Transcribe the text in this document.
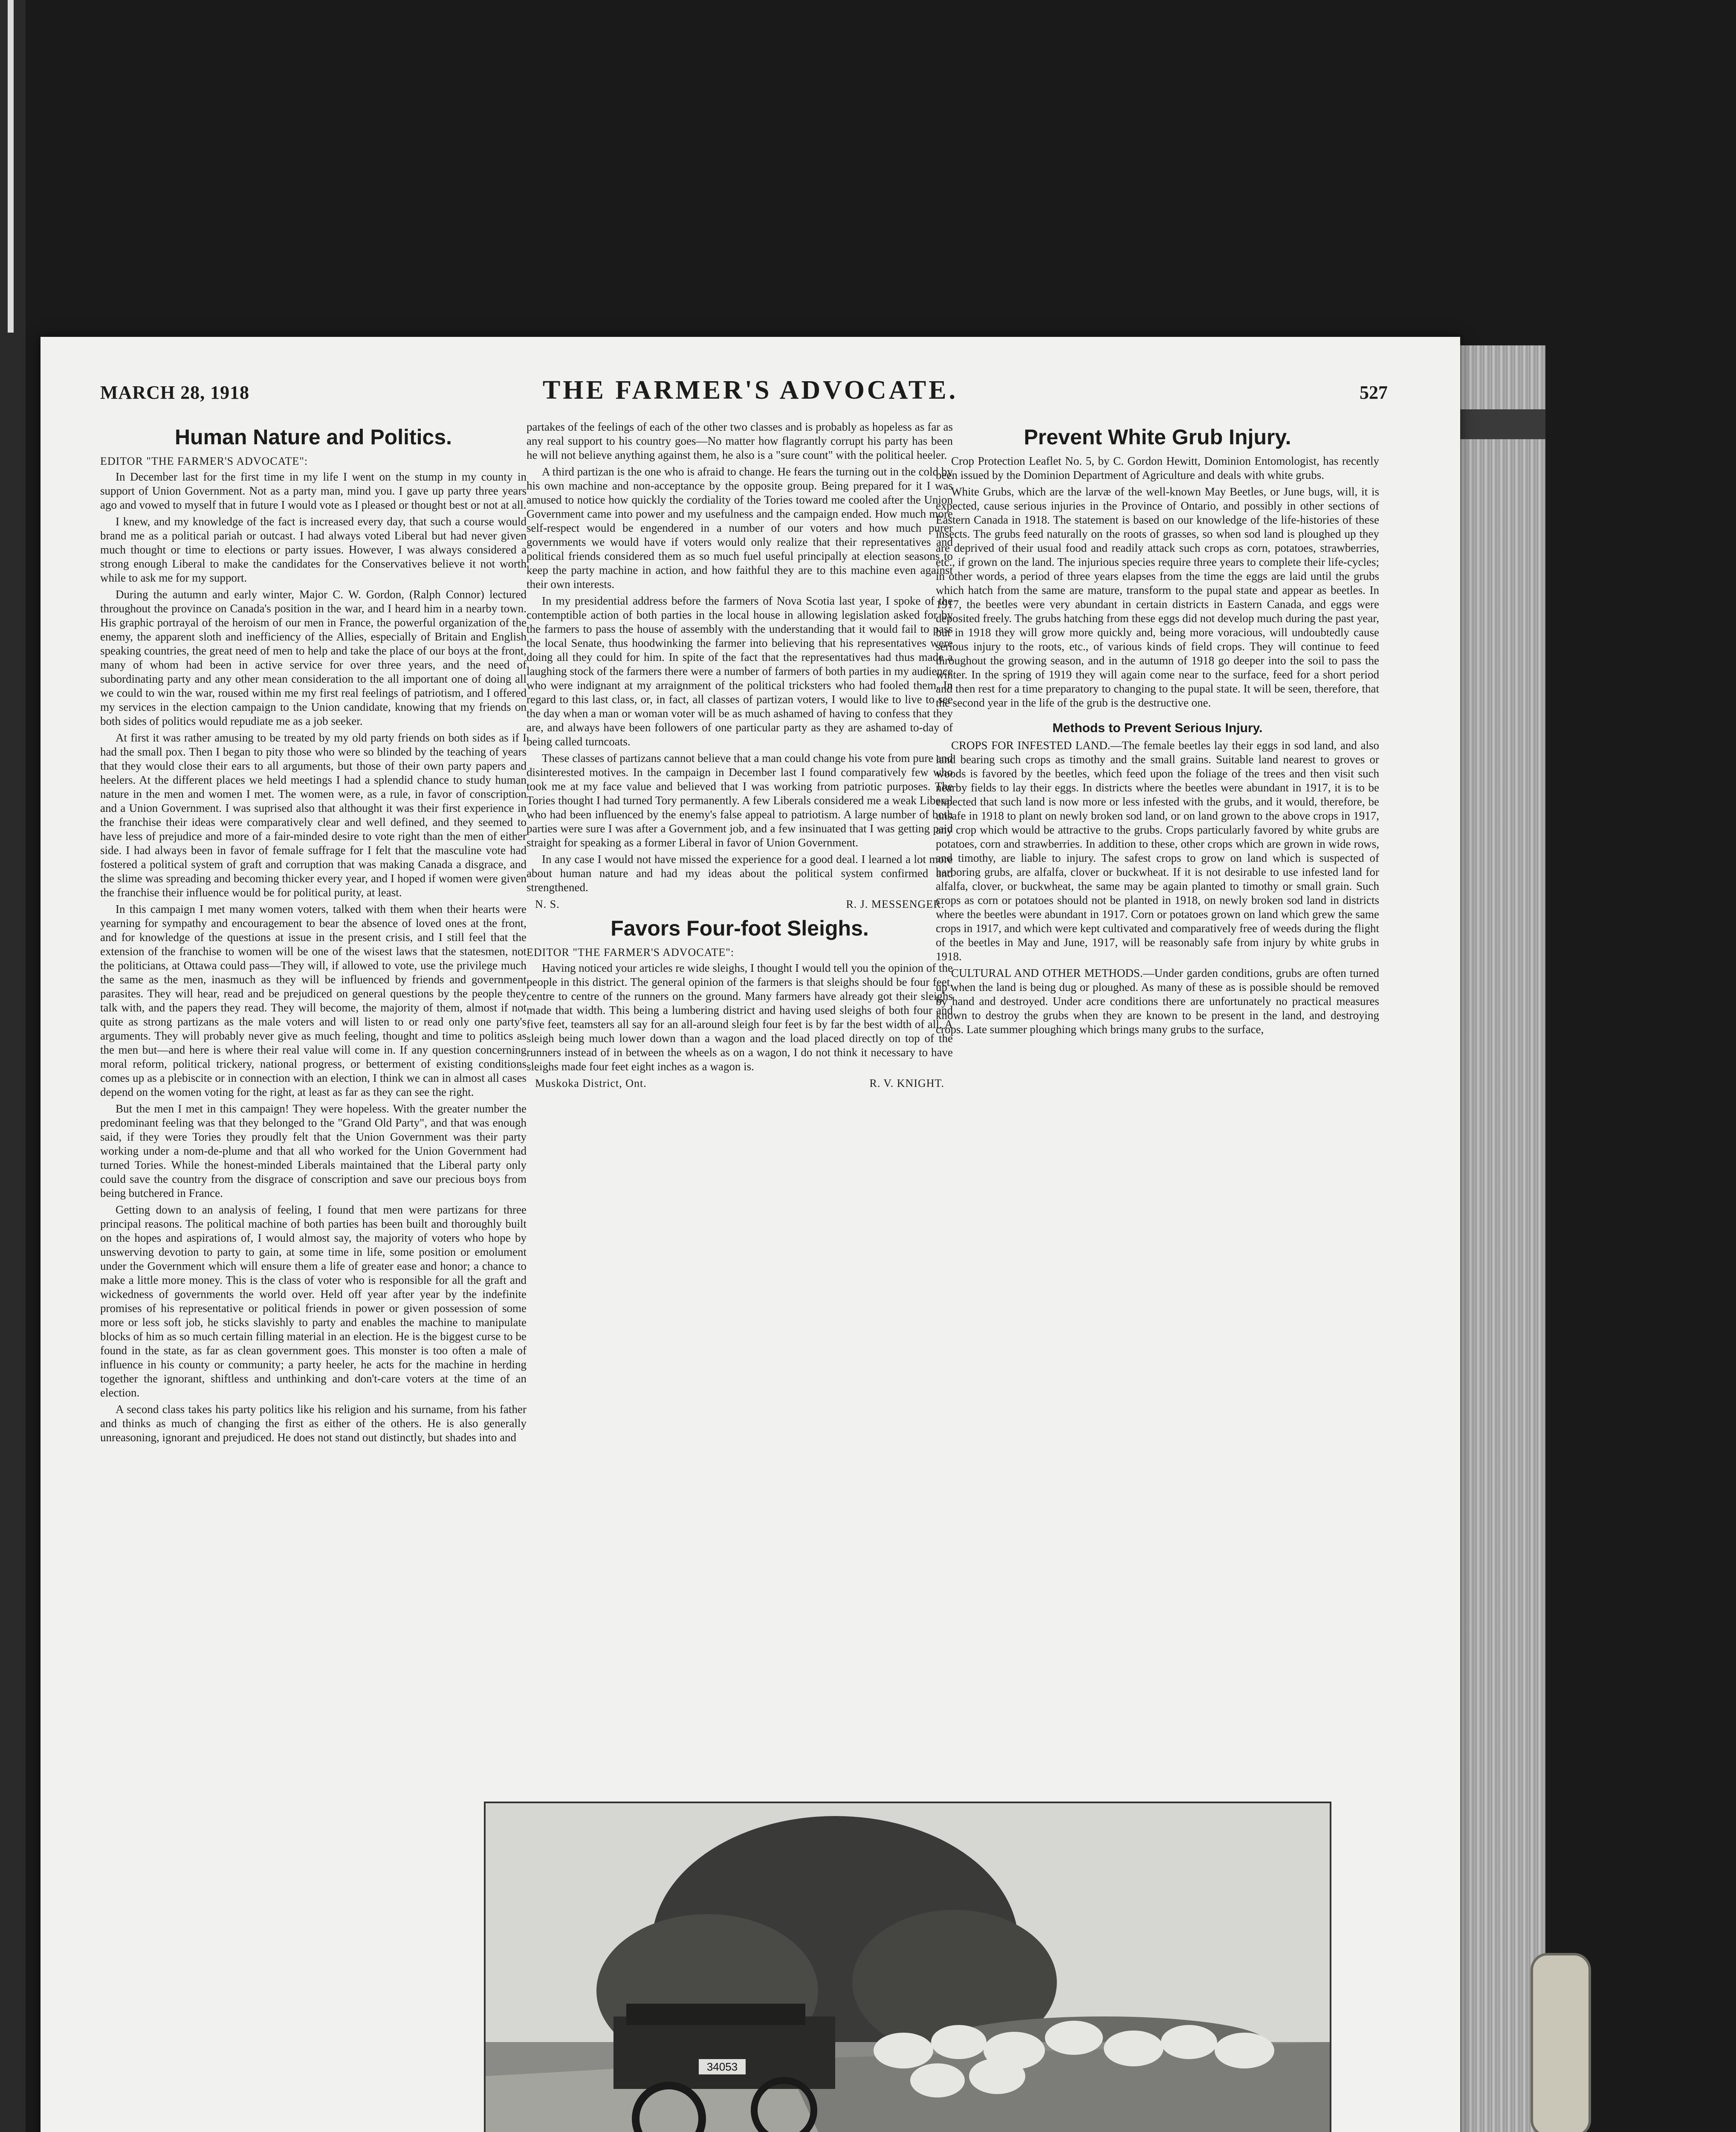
MARCH 28, 1918	THE FARMER'S ADVOCATE.	527
Human Nature and Politics.
EDITOR "THE FARMER'S ADVOCATE":

In December last for the first time in my life I went on the stump in my county in support of Union Government. Not as a party man, mind you. I gave up party three years ago and vowed to myself that in future I would vote as I pleased or thought best or not at all.

I knew, and my knowledge of the fact is increased every day, that such a course would brand me as a political pariah or outcast. I had always voted Liberal but had never given much thought or time to elections or party issues. However, I was always considered a strong enough Liberal to make the candidates for the Conservatives believe it not worth while to ask me for my support.

During the autumn and early winter, Major C. W. Gordon, (Ralph Connor) lectured throughout the province on Canada's position in the war, and I heard him in a nearby town. His graphic portrayal of the heroism of our men in France, the powerful organization of the enemy, the apparent sloth and inefficiency of the Allies, especially of Britain and English speaking countries, the great need of men to help and take the place of our boys at the front, many of whom had been in active service for over three years, and the need of subordinating party and any other mean consideration to the all important one of doing all we could to win the war, roused within me my first real feelings of patriotism, and I offered my services in the election campaign to the Union candidate, knowing that my friends on both sides of politics would repudiate me as a job seeker.

At first it was rather amusing to be treated by my old party friends on both sides as if I had the small pox. Then I began to pity those who were so blinded by the teaching of years that they would close their ears to all arguments, but those of their own party papers and heelers. At the different places we held meetings I had a splendid chance to study human nature in the men and women I met. The women were, as a rule, in favor of conscription and a Union Government. I was suprised also that althought it was their first experience in the franchise their ideas were comparatively clear and well defined, and they seemed to have less of prejudice and more of a fair-minded desire to vote right than the men of either side. I had always been in favor of female suffrage for I felt that the masculine vote had fostered a political system of graft and corruption that was making Canada a disgrace, and the slime was spreading and becoming thicker every year, and I hoped if women were given the franchise their influence would be for political purity, at least.

In this campaign I met many women voters, talked with them when their hearts were yearning for sympathy and encouragement to bear the absence of loved ones at the front, and for knowledge of the questions at issue in the present crisis, and I still feel that the extension of the franchise to women will be one of the wisest laws that the statesmen, not the politicians, at Ottawa could pass—They will, if allowed to vote, use the privilege much the same as the men, inasmuch as they will be influenced by friends and government parasites. They will hear, read and be prejudiced on general questions by the people they talk with, and the papers they read. They will become, the majority of them, almost if not quite as strong partizans as the male voters and will listen to or read only one party's arguments. They will probably never give as much feeling, thought and time to politics as the men but—and here is where their real value will come in. If any question concerning moral reform, political trickery, national progress, or betterment of existing conditions comes up as a plebiscite or in connection with an election, I think we can in almost all cases depend on the women voting for the right, at least as far as they can see the right.

But the men I met in this campaign! They were hopeless. With the greater number the predominant feeling was that they belonged to the "Grand Old Party", and that was enough said, if they were Tories they proudly felt that the Union Government was their party working under a nom-de-plume and that all who worked for the Union Government had turned Tories. While the honest-minded Liberals maintained that the Liberal party only could save the country from the disgrace of conscription and save our precious boys from being butchered in France.

Getting down to an analysis of feeling, I found that men were partizans for three principal reasons. The political machine of both parties has been built and thoroughly built on the hopes and aspirations of, I would almost say, the majority of voters who hope by unswerving devotion to party to gain, at some time in life, some position or emolument under the Government which will ensure them a life of greater ease and honor; a chance to make a little more money. This is the class of voter who is responsible for all the graft and wickedness of governments the world over. Held off year after year by the indefinite promises of his representative or political friends in power or given possession of some more or less soft job, he sticks slavishly to party and enables the machine to manipulate blocks of him as so much certain filling material in an election. He is the biggest curse to be found in the state, as far as clean government goes. This monster is too often a male of influence in his county or community; a party heeler, he acts for the machine in herding together the ignorant, shiftless and unthinking and don't-care voters at the time of an election.

A second class takes his party politics like his religion and his surname, from his father and thinks as much of changing the first as either of the others. He is also generally unreasoning, ignorant and prejudiced. He does not stand out distinctly, but shades into and

partakes of the feelings of each of the other two classes and is probably as hopeless as far as any real support to his country goes—No matter how flagrantly corrupt his party has been he will not believe anything against them, he also is a "sure count" with the political heeler.

A third partizan is the one who is afraid to change. He fears the turning out in the cold by his own machine and non-acceptance by the opposite group. Being prepared for it I was amused to notice how quickly the cordiality of the Tories toward me cooled after the Union Government came into power and my usefulness and the campaign ended. How much more self-respect would be engendered in a number of our voters and how much purer governments we would have if voters would only realize that their representatives and political friends considered them as so much fuel useful principally at election seasons to keep the party machine in action, and how faithful they are to this machine even against their own interests.

In my presidential address before the farmers of Nova Scotia last year, I spoke of the contemptible action of both parties in the local house in allowing legislation asked for by the farmers to pass the house of assembly with the understanding that it would fail to pass the local Senate, thus hoodwinking the farmer into believing that his representatives were doing all they could for him. In spite of the fact that the representatives had thus made a laughing stock of the farmers there were a number of farmers of both parties in my audience who were indignant at my arraignment of the political tricksters who had fooled them. In regard to this last class, or, in fact, all classes of partizan voters, I would like to live to see the day when a man or woman voter will be as much ashamed of having to confess that they are, and always have been followers of one particular party as they are ashamed to-day of being called turncoats.

These classes of partizans cannot believe that a man could change his vote from pure and disinterested motives. In the campaign in December last I found comparatively few who took me at my face value and believed that I was working from patriotic purposes. The Tories thought I had turned Tory permanently. A few Liberals considered me a weak Liberal who had been influenced by the enemy's false appeal to patriotism. A large number of both parties were sure I was after a Government job, and a few insinuated that I was getting paid straight for speaking as a former Liberal in favor of Union Government.

In any case I would not have missed the experience for a good deal. I learned a lot more about human nature and had my ideas about the political system confirmed and strengthened.

N. S.	R. J. MESSENGER.
Favors Four-foot Sleighs.
EDITOR "THE FARMER'S ADVOCATE":

Having noticed your articles re wide sleighs, I thought I would tell you the opinion of the people in this district. The general opinion of the farmers is that sleighs should be four feet, centre to centre of the runners on the ground. Many farmers have already got their sleighs made that width. This being a lumbering district and having used sleighs of both four and five feet, teamsters all say for an all-around sleigh four feet is by far the best width of all. A sleigh being much lower down than a wagon and the load placed directly on top of the runners instead of in between the wheels as on a wagon, I do not think it necessary to have sleighs made four feet eight inches as a wagon is.

Muskoka District, Ont.	R. V. KNIGHT.
Prevent White Grub Injury.

Crop Protection Leaflet No. 5, by C. Gordon Hewitt, Dominion Entomologist, has recently been issued by the Dominion Department of Agriculture and deals with white grubs.

White Grubs, which are the larvæ of the well-known May Beetles, or June bugs, will, it is expected, cause serious injuries in the Province of Ontario, and possibly in other sections of Eastern Canada in 1918. The statement is based on our knowledge of the life-histories of these insects. The grubs feed naturally on the roots of grasses, so when sod land is ploughed up they are deprived of their usual food and readily attack such crops as corn, potatoes, strawberries, etc., if grown on the land. The injurious species require three years to complete their life-cycles; in other words, a period of three years elapses from the time the eggs are laid until the grubs which hatch from the same are mature, transform to the pupal state and appear as beetles. In 1917, the beetles were very abundant in certain districts in Eastern Canada, and eggs were deposited freely. The grubs hatching from these eggs did not develop much during the past year, but in 1918 they will grow more quickly and, being more voracious, will undoubtedly cause serious injury to the roots, etc., of various kinds of field crops. They will continue to feed throughout the growing season, and in the autumn of 1918 go deeper into the soil to pass the winter. In the spring of 1919 they will again come near to the surface, feed for a short period and then rest for a time preparatory to changing to the pupal state. It will be seen, therefore, that the second year in the life of the grub is the destructive one.

Methods to Prevent Serious Injury.

CROPS FOR INFESTED LAND.—The female beetles lay their eggs in sod land, and also land bearing such crops as timothy and the small grains. Suitable land nearest to groves or woods is favored by the beetles, which feed upon the foliage of the trees and then visit such nearby fields to lay their eggs. In districts where the beetles were abundant in 1917, it is to be expected that such land is now more or less infested with the grubs, and it would, therefore, be unsafe in 1918 to plant on newly broken sod land, or on land grown to the above crops in 1917, any crop which would be attractive to the grubs. Crops particularly favored by white grubs are potatoes, corn and strawberries. In addition to these, other crops which are grown in wide rows, and timothy, are liable to injury. The safest crops to grow on land which is suspected of harboring grubs, are alfalfa, clover or buckwheat. If it is not desirable to use infested land for alfalfa, clover, or buckwheat, the same may be again planted to timothy or small grain. Such crops as corn or potatoes should not be planted in 1918, on newly broken sod land in districts where the beetles were abundant in 1917. Corn or potatoes grown on land which grew the same crops in 1917, and which were kept cultivated and comparatively free of weeds during the flight of the beetles in May and June, 1917, will be reasonably safe from injury by white grubs in 1918.

CULTURAL AND OTHER METHODS.—Under garden conditions, grubs are often turned up when the land is being dug or ploughed. As many of these as is possible should be removed by hand and destroyed. Under acre conditions there are unfortunately no practical measures known to destroy the grubs when they are known to be present in the land, and destroying crops. Late summer ploughing which brings many grubs to the surface,

34053
